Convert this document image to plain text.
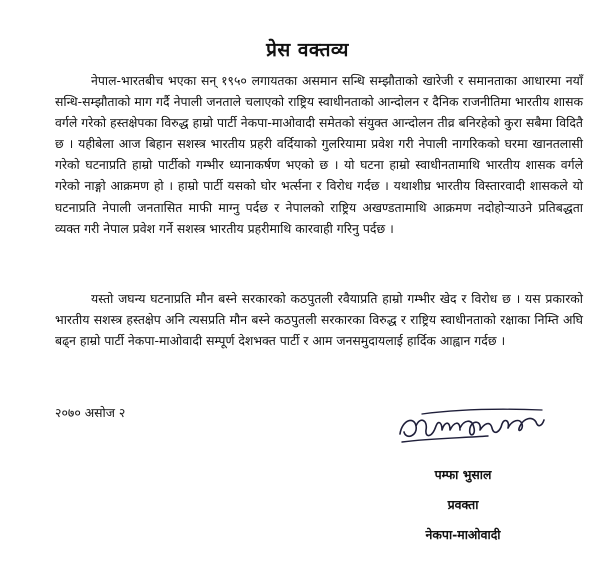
प्रेस वक्तव्य

नेपाल-भारतबीच भएका सन् १९५० लगायतका असमान सन्धि सम्झौताको खारेजी र समानताका आधारमा नयाँ सन्धि-सम्झौताको माग गर्दै नेपाली जनताले चलाएको राष्ट्रिय स्वाधीनताको आन्दोलन र दैनिक राजनीतिमा भारतीय शासक वर्गले गरेको हस्तक्षेपका विरुद्ध हाम्रो पार्टी नेकपा-माओवादी समेतको संयुक्त आन्दोलन तीव्र बनिरहेको कुरा सबैमा विदितै छ । यहीबेला आज बिहान सशस्त्र भारतीय प्रहरी वर्दियाको गुलरियामा प्रवेश गरी नेपाली नागरिकको घरमा खानतलासी गरेको घटनाप्रति हाम्रो पार्टीको गम्भीर ध्यानाकर्षण भएको छ । यो घटना हाम्रो स्वाधीनतामाथि भारतीय शासक वर्गले गरेको नाङ्गो आक्रमण हो । हाम्रो पार्टी यसको घोर भर्त्सना र विरोध गर्दछ । यथाशीघ्र भारतीय विस्तारवादी शासकले यो घटनाप्रति नेपाली जनतासित माफी माग्नु पर्दछ र नेपालको राष्ट्रिय अखण्डतामाथि आक्रमण नदोहोऱ्याउने प्रतिबद्धता व्यक्त गरी नेपाल प्रवेश गर्ने सशस्त्र भारतीय प्रहरीमाथि कारवाही गरिनु पर्दछ ।

यस्तो जघन्य घटनाप्रति मौन बस्ने सरकारको कठपुतली रवैयाप्रति हाम्रो गम्भीर खेद र विरोध छ । यस प्रकारको भारतीय सशस्त्र हस्तक्षेप अनि त्यसप्रति मौन बस्ने कठपुतली सरकारका विरुद्ध र राष्ट्रिय स्वाधीनताको रक्षाका निम्ति अघि बढ्न हाम्रो पार्टी नेकपा-माओवादी सम्पूर्ण देशभक्त पार्टी र आम जनसमुदायलाई हार्दिक आह्वान गर्दछ ।

२०७० असोज २
पम्फा भुसाल
प्रवक्ता
नेकपा-माओवादी
